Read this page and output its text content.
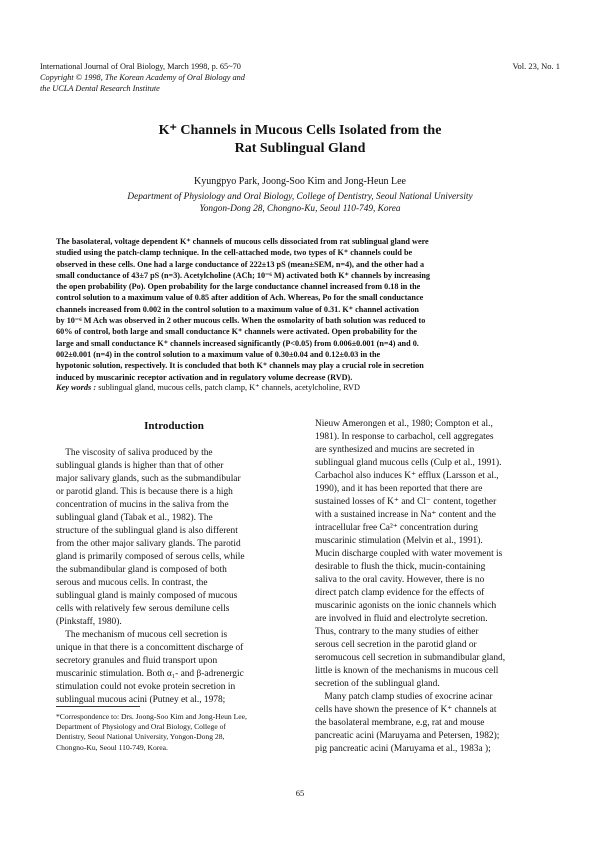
International Journal of Oral Biology, March 1998, p. 65~70
Copyright © 1998, The Korean Academy of Oral Biology and
the UCLA Dental Research Institute
Vol. 23, No. 1
K⁺ Channels in Mucous Cells Isolated from the
Rat Sublingual Gland
Kyungpyo Park, Joong-Soo Kim and Jong-Heun Lee
Department of Physiology and Oral Biology, College of Dentistry, Seoul National University
Yongon-Dong 28, Chongno-Ku, Seoul 110-749, Korea
The basolateral, voltage dependent K⁺ channels of mucous cells dissociated from rat sublingual gland were
studied using the patch-clamp technique. In the cell-attached mode, two types of K⁺ channels could be
observed in these cells. One had a large conductance of 222±13 pS (mean±SEM, n=4), and the other had a
small conductance of 43±7 pS (n=3). Acetylcholine (ACh; 10⁻⁶ M) activated both K⁺ channels by increasing
the open probability (Po). Open probability for the large conductance channel increased from 0.18 in the
control solution to a maximum value of 0.85 after addition of Ach. Whereas, Po for the small conductance
channels increased from 0.002 in the control solution to a maximum value of 0.31. K⁺ channel activation
by 10⁻⁶ M Ach was observed in 2 other mucous cells. When the osmolarity of bath solution was reduced to
60% of control, both large and small conductance K⁺ channels were activated. Open probability for the
large and small conductance K⁺ channels increased significantly (P<0.05) from 0.006±0.001 (n=4) and 0.
002±0.001 (n=4) in the control solution to a maximum value of 0.30±0.04 and 0.12±0.03 in the
hypotonic solution, respectively. It is concluded that both K⁺ channels may play a crucial role in secretion
induced by muscarinic receptor activation and in regulatory volume decrease (RVD).
Key words : sublingual gland, mucous cells, patch clamp, K⁺ channels, acetylcholine, RVD
Introduction
The viscosity of saliva produced by the
sublingual glands is higher than that of other
major salivary glands, such as the submandibular
or parotid gland. This is because there is a high
concentration of mucins in the saliva from the
sublingual gland (Tabak et al., 1982). The
structure of the sublingual gland is also different
from the other major salivary glands. The parotid
gland is primarily composed of serous cells, while
the submandibular gland is composed of both
serous and mucous cells. In contrast, the
sublingual gland is mainly composed of mucous
cells with relatively few serous demilune cells
(Pinkstaff, 1980).
The mechanism of mucous cell secretion is
unique in that there is a concomittent discharge of
secretory granules and fluid transport upon
muscarinic stimulation. Both α₁- and β-adrenergic
stimulation could not evoke protein secretion in
sublingual mucous acini (Putney et al., 1978;
Nieuw Amerongen et al., 1980; Compton et al.,
1981). In response to carbachol, cell aggregates
are synthesized and mucins are secreted in
sublingual gland mucous cells (Culp et al., 1991).
Carbachol also induces K⁺ efflux (Larsson et al.,
1990), and it has been reported that there are
sustained losses of K⁺ and Cl⁻ content, together
with a sustained increase in Na⁺ content and the
intracellular free Ca²⁺ concentration during
muscarinic stimulation (Melvin et al., 1991).
Mucin discharge coupled with water movement is
desirable to flush the thick, mucin-containing
saliva to the oral cavity. However, there is no
direct patch clamp evidence for the effects of
muscarinic agonists on the ionic channels which
are involved in fluid and electrolyte secretion.
Thus, contrary to the many studies of either
serous cell secretion in the parotid gland or
seromucous cell secretion in submandibular gland,
little is known of the mechanisms in mucous cell
secretion of the sublingual gland.
Many patch clamp studies of exocrine acinar
cells have shown the presence of K⁺ channels at
the basolateral membrane, e.g, rat and mouse
pancreatic acini (Maruyama and Petersen, 1982);
pig pancreatic acini (Maruyama et al., 1983a );
*Correspondence to: Drs. Joong-Soo Kim and Jong-Heun Lee,
Department of Physiology and Oral Biology, College of
Dentistry, Seoul National University, Yongon-Dong 28,
Chongno-Ku, Seoul 110-749, Korea.
65
